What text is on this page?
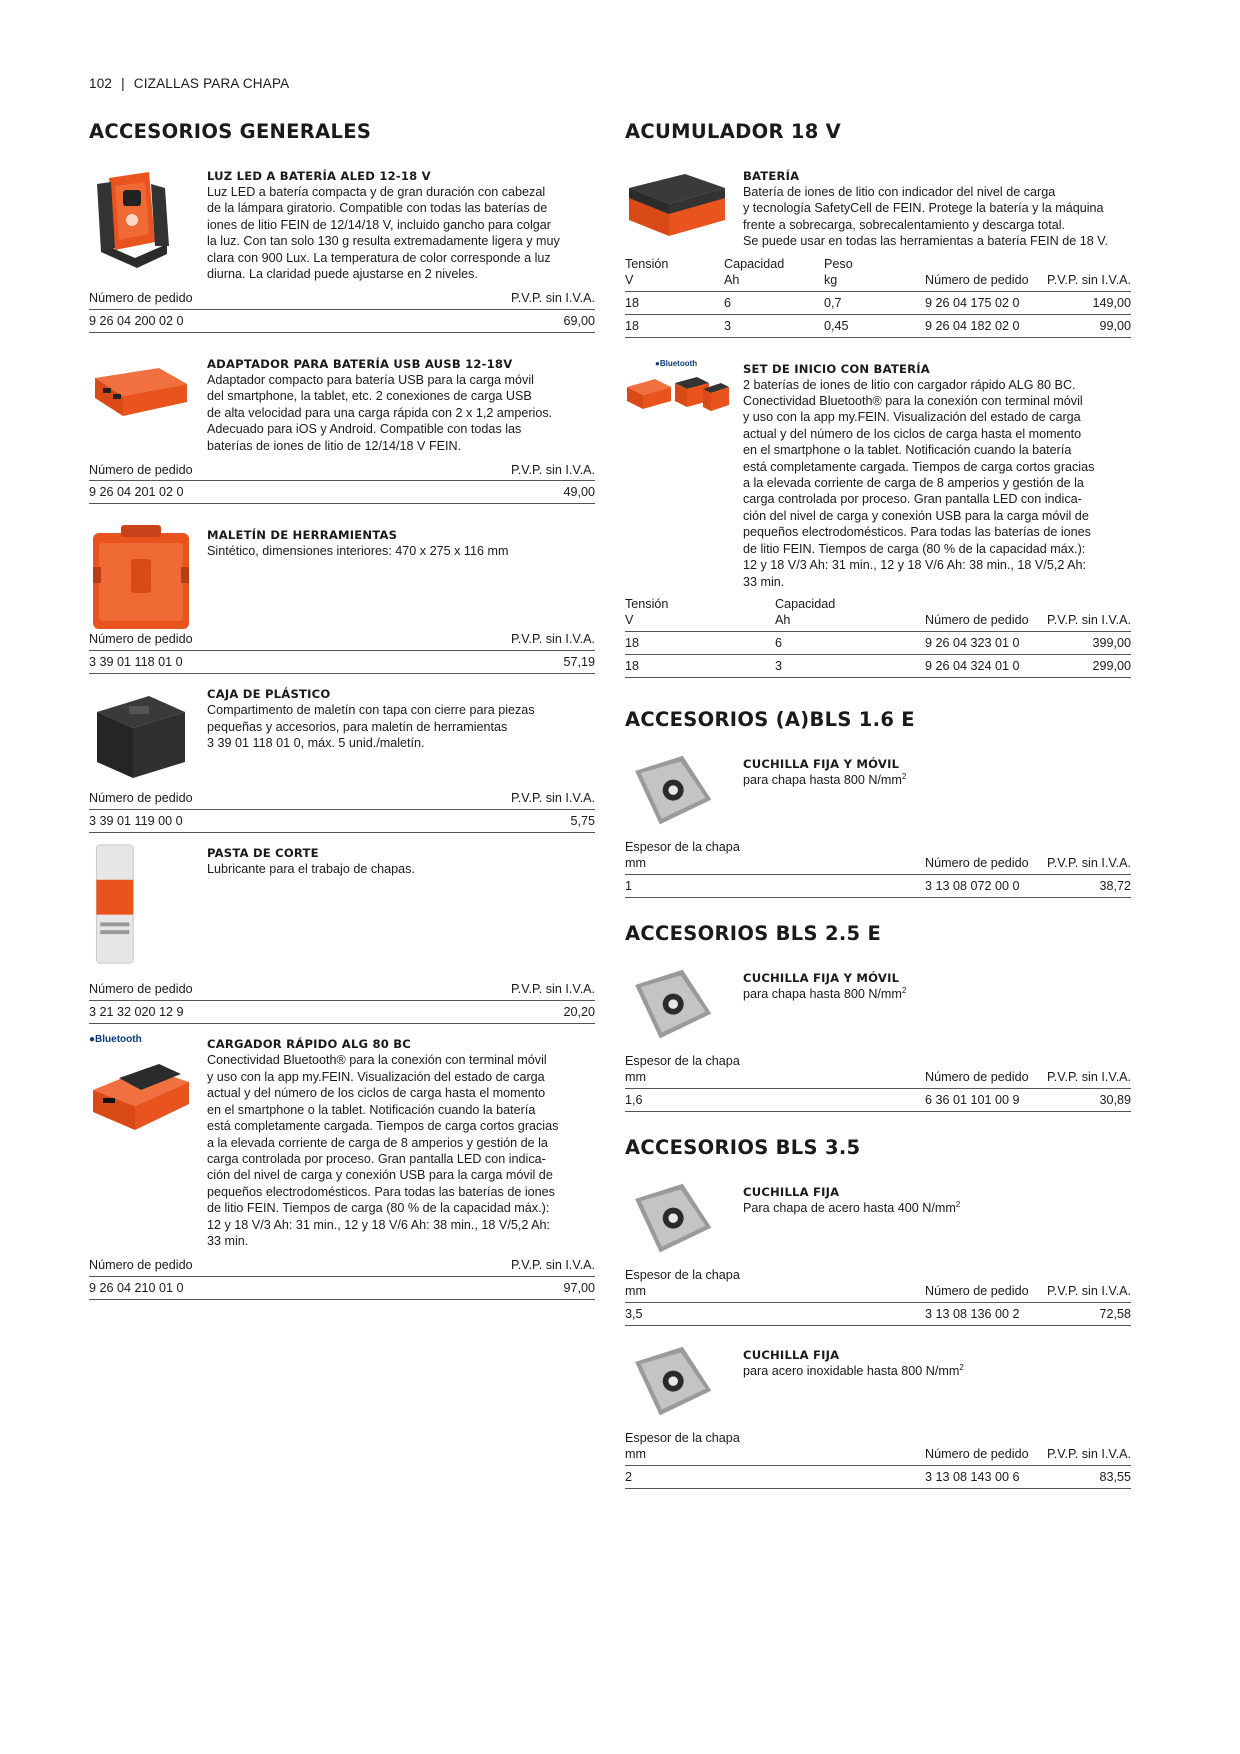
102 | CIZALLAS PARA CHAPA
ACCESORIOS GENERALES
LUZ LED A BATERÍA ALED 12-18 V
Luz LED a batería compacta y de gran duración con cabezal
de la lámpara giratorio. Compatible con todas las baterías de
iones de litio FEIN de 12/14/18 V, incluido gancho para colgar
la luz. Con tan solo 130 g resulta extremadamente ligera y muy
clara con 900 Lux. La temperatura de color corresponde a luz
diurna. La claridad puede ajustarse en 2 niveles.
Número de pedido	P.V.P. sin I.V.A.
9 26 04 200 02 0	69,00
ADAPTADOR PARA BATERÍA USB AUSB 12-18V
Adaptador compacto para batería USB para la carga móvil
del smartphone, la tablet, etc. 2 conexiones de carga USB
de alta velocidad para una carga rápida con 2 x 1,2 amperios.
Adecuado para iOS y Android. Compatible con todas las
baterías de iones de litio de 12/14/18 V FEIN.
Número de pedido	P.V.P. sin I.V.A.
9 26 04 201 02 0	49,00
MALETÍN DE HERRAMIENTAS
Sintético, dimensiones interiores: 470 x 275 x 116 mm
Número de pedido	P.V.P. sin I.V.A.
3 39 01 118 01 0	57,19
CAJA DE PLÁSTICO
Compartimento de maletín con tapa con cierre para piezas
pequeñas y accesorios, para maletín de herramientas
3 39 01 118 01 0, máx. 5 unid./maletín.
Número de pedido	P.V.P. sin I.V.A.
3 39 01 119 00 0	5,75
PASTA DE CORTE
Lubricante para el trabajo de chapas.
Número de pedido	P.V.P. sin I.V.A.
3 21 32 020 12 9	20,20
●Bluetooth	CARGADOR RÁPIDO ALG 80 BC
Conectividad Bluetooth® para la conexión con terminal móvil
y uso con la app my.FEIN. Visualización del estado de carga
actual y del número de los ciclos de carga hasta el momento
en el smartphone o la tablet. Notificación cuando la batería
está completamente cargada. Tiempos de carga cortos gracias
a la elevada corriente de carga de 8 amperios y gestión de la
carga controlada por proceso. Gran pantalla LED con indica-
ción del nivel de carga y conexión USB para la carga móvil de
pequeños electrodomésticos. Para todas las baterías de iones
de litio FEIN. Tiempos de carga (80 % de la capacidad máx.):
12 y 18 V/3 Ah: 31 min., 12 y 18 V/6 Ah: 38 min., 18 V/5,2 Ah:
33 min.
Número de pedido	P.V.P. sin I.V.A.
9 26 04 210 01 0	97,00
ACUMULADOR 18 V
BATERÍA
Batería de iones de litio con indicador del nivel de carga
y tecnología SafetyCell de FEIN. Protege la batería y la máquina
frente a sobrecarga, sobrecalentamiento y descarga total.
Se puede usar en todas las herramientas a batería FEIN de 18 V.
Tensión	Capacidad	Peso
V	Ah	kg	Número de pedido P.V.P. sin I.V.A.
18	6	0,7	9 26 04 175 02 0	149,00
18	3	0,45	9 26 04 182 02 0	99,00
●Bluetooth	SET DE INICIO CON BATERÍA
2 baterías de iones de litio con cargador rápido ALG 80 BC.
Conectividad Bluetooth® para la conexión con terminal móvil
y uso con la app my.FEIN. Visualización del estado de carga
actual y del número de los ciclos de carga hasta el momento
en el smartphone o la tablet. Notificación cuando la batería
está completamente cargada. Tiempos de carga cortos gracias
a la elevada corriente de carga de 8 amperios y gestión de la
carga controlada por proceso. Gran pantalla LED con indica-
ción del nivel de carga y conexión USB para la carga móvil de
pequeños electrodomésticos. Para todas las baterías de iones
de litio FEIN. Tiempos de carga (80 % de la capacidad máx.):
12 y 18 V/3 Ah: 31 min., 12 y 18 V/6 Ah: 38 min., 18 V/5,2 Ah:
33 min.
Tensión	Capacidad
V	Ah	Número de pedido P.V.P. sin I.V.A.
18	6	9 26 04 323 01 0	399,00
18	3	9 26 04 324 01 0	299,00
ACCESORIOS (A)BLS 1.6 E
CUCHILLA FIJA Y MÓVIL
para chapa hasta 800 $N/mm^2$
Espesor de la chapa
mm	Número de pedido P.V.P. sin I.V.A.
1	3 13 08 072 00 0	38,72
ACCESORIOS BLS 2.5 E
CUCHILLA FIJA Y MÓVIL
para chapa hasta 800 $N/mm^2$
Espesor de la chapa
mm	Número de pedido P.V.P. sin I.V.A.
1,6	6 36 01 101 00 9	30,89
ACCESORIOS BLS 3.5
CUCHILLA FIJA
Para chapa de acero hasta 400 $N/mm^2$
Espesor de la chapa
mm	Número de pedido P.V.P. sin I.V.A.
3,5	3 13 08 136 00 2	72,58
CUCHILLA FIJA
para acero inoxidable hasta 800 $N/mm^2$
Espesor de la chapa
mm	Número de pedido P.V.P. sin I.V.A.
2	3 13 08 143 00 6	83,55
